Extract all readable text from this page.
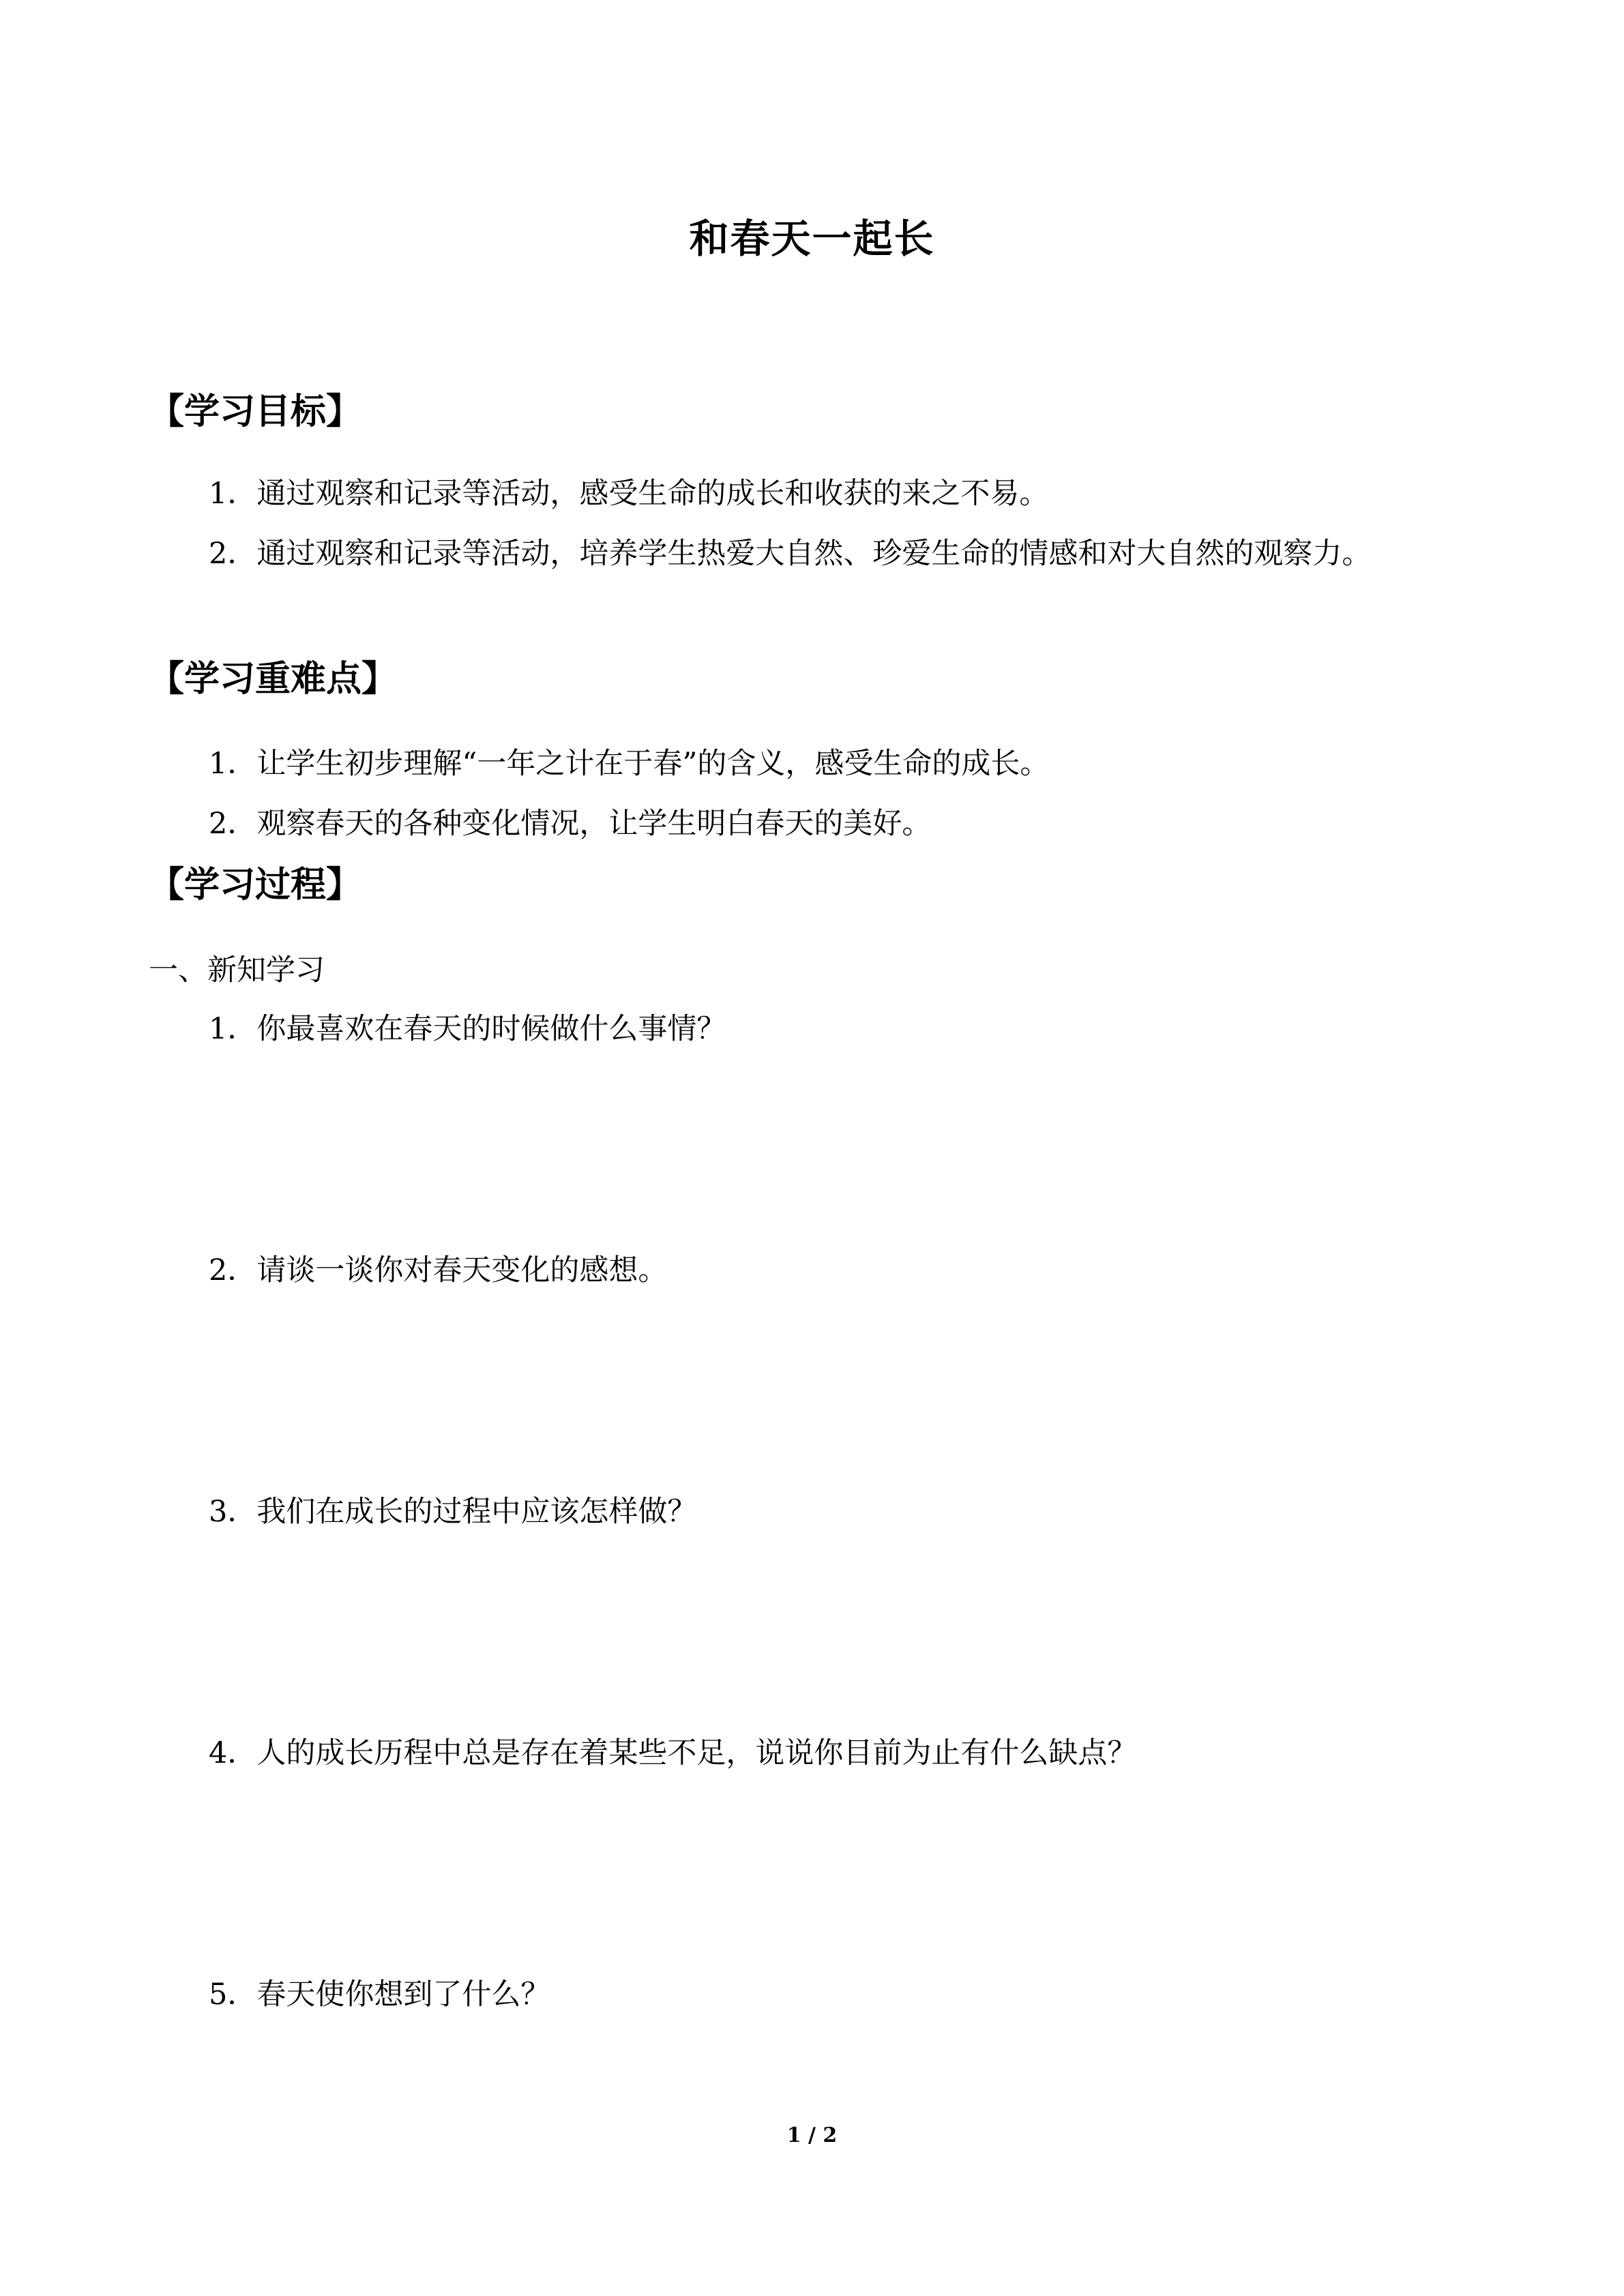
和春天一起长
【学习目标】
1．通过观察和记录等活动，感受生命的成长和收获的来之不易。
2．通过观察和记录等活动，培养学生热爱大自然、珍爱生命的情感和对大自然的观察力。
【学习重难点】
1．让学生初步理解“一年之计在于春”的含义，感受生命的成长。
2．观察春天的各种变化情况，让学生明白春天的美好。
【学习过程】
一、新知学习
1．你最喜欢在春天的时候做什么事情？
2．请谈一谈你对春天变化的感想。
3．我们在成长的过程中应该怎样做？
4．人的成长历程中总是存在着某些不足，说说你目前为止有什么缺点？
5．春天使你想到了什么？
1 / 2
